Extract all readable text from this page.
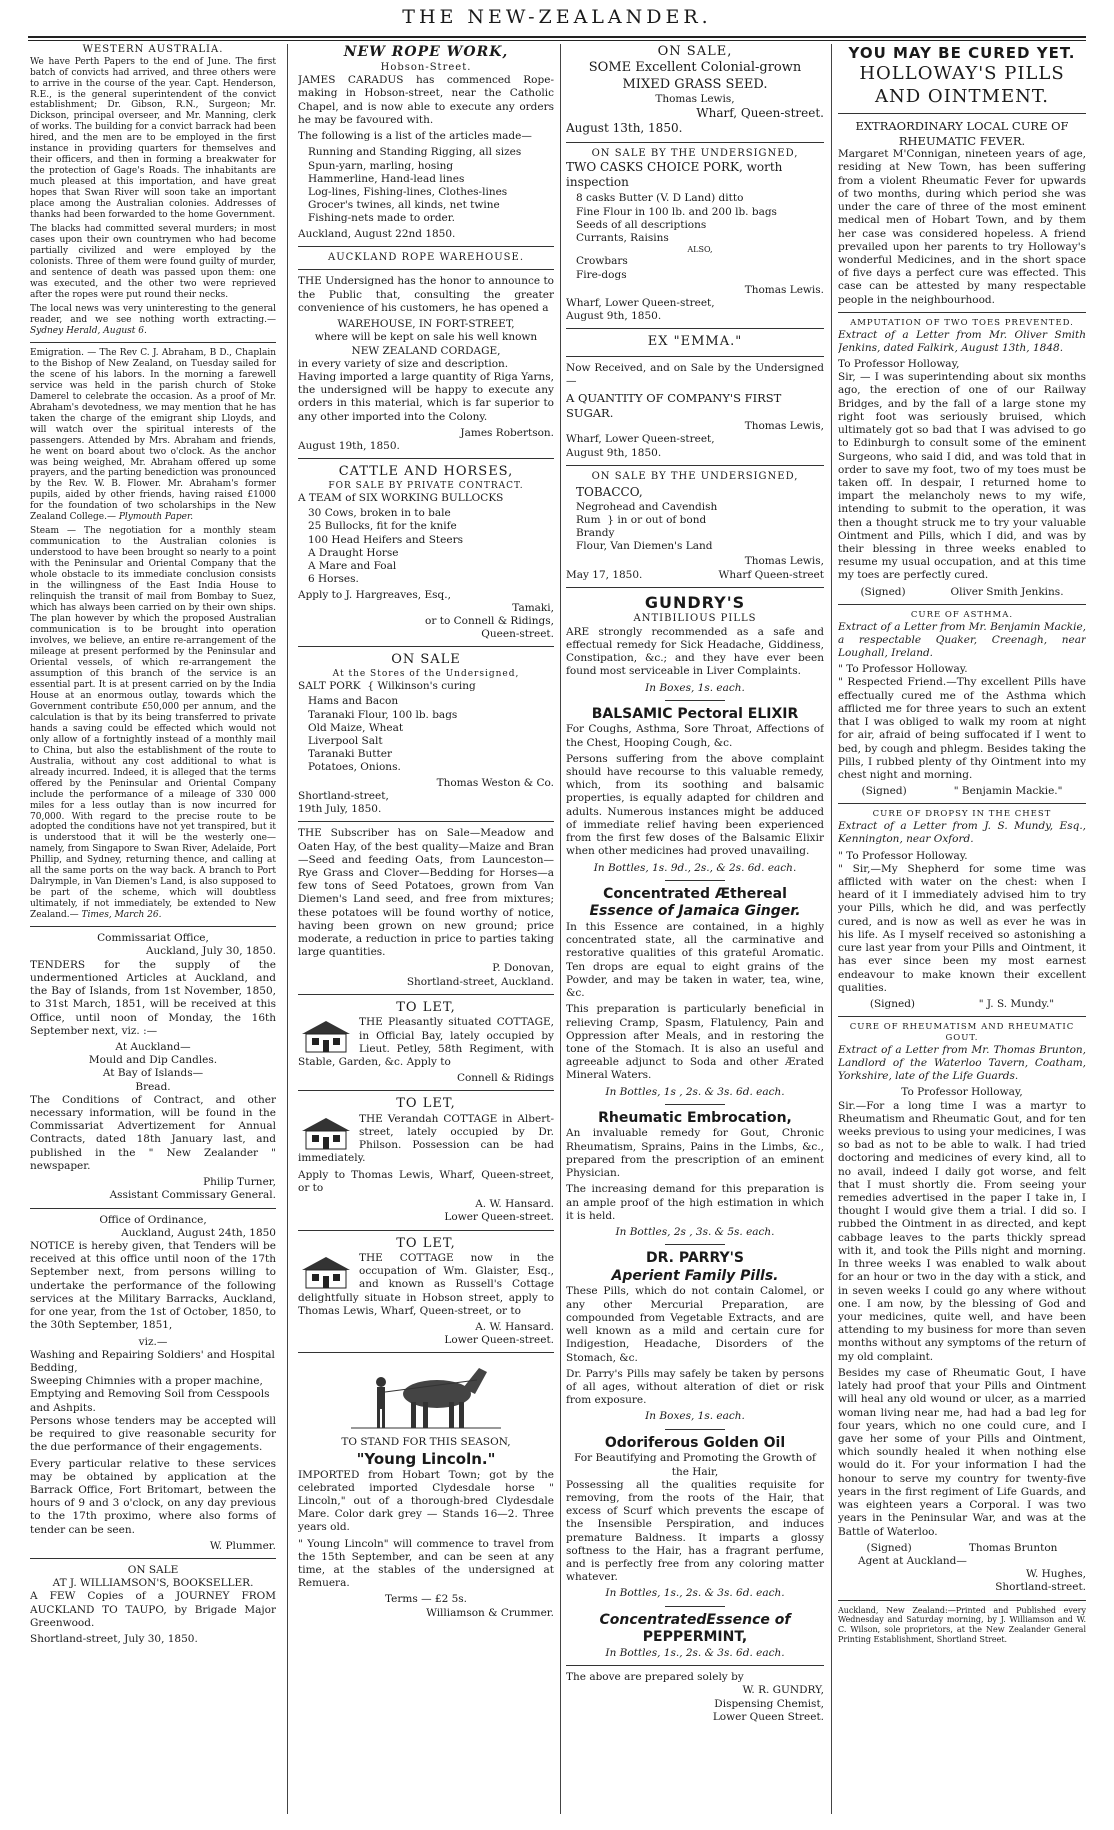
THE NEW-ZEALANDER.
WESTERN AUSTRALIA.

We have Perth Papers to the end of June. The first batch of convicts had arrived, and three others were to arrive in the course of the year. Capt. Henderson, R.E., is the general superintendent of the convict establishment; Dr. Gibson, R.N., Surgeon; Mr. Dickson, principal overseer, and Mr. Manning, clerk of works. The building for a convict barrack had been hired, and the men are to be employed in the first instance in providing quarters for themselves and their officers, and then in forming a breakwater for the protection of Gage's Roads. The inhabitants are much pleased at this importation, and have great hopes that Swan River will soon take an important place among the Australian colonies. Addresses of thanks had been forwarded to the home Government.

The blacks had committed several murders; in most cases upon their own countrymen who had become partially civilized and were employed by the colonists. Three of them were found guilty of murder, and sentence of death was passed upon them: one was executed, and the other two were reprieved after the ropes were put round their necks.

The local news was very uninteresting to the general reader, and we see nothing worth extracting.— Sydney Herald, August 6.

Emigration. — The Rev C. J. Abraham, B D., Chaplain to the Bishop of New Zealand, on Tuesday sailed for the scene of his labors. In the morning a farewell service was held in the parish church of Stoke Damerel to celebrate the occasion. As a proof of Mr. Abraham's devotedness, we may mention that he has taken the charge of the emigrant ship Lloyds, and will watch over the spiritual interests of the passengers. Attended by Mrs. Abraham and friends, he went on board about two o'clock. As the anchor was being weighed, Mr. Abraham offered up some prayers, and the parting benediction was pronounced by the Rev. W. B. Flower. Mr. Abraham's former pupils, aided by other friends, having raised £1000 for the foundation of two scholarships in the New Zealand College.— Plymouth Paper.

Steam — The negotiation for a monthly steam communication to the Australian colonies is understood to have been brought so nearly to a point with the Peninsular and Oriental Company that the whole obstacle to its immediate conclusion consists in the willingness of the East India House to relinquish the transit of mail from Bombay to Suez, which has always been carried on by their own ships. The plan however by which the proposed Australian communication is to be brought into operation involves, we believe, an entire re-arrangement of the mileage at present performed by the Peninsular and Oriental vessels, of which re-arrangement the assumption of this branch of the service is an essential part. It is at present carried on by the India House at an enormous outlay, towards which the Government contribute £50,000 per annum, and the calculation is that by its being transferred to private hands a saving could be effected which would not only allow of a fortnightly instead of a monthly mail to China, but also the establishment of the route to Australia, without any cost additional to what is already incurred. Indeed, it is alleged that the terms offered by the Peninsular and Oriental Company include the performance of a mileage of 330 000 miles for a less outlay than is now incurred for 70,000. With regard to the precise route to be adopted the conditions have not yet transpired, but it is understood that it will be the westerly one—namely, from Singapore to Swan River, Adelaide, Port Phillip, and Sydney, returning thence, and calling at all the same ports on the way back. A branch to Port Dalrymple, in Van Diemen's Land, is also supposed to be part of the scheme, which will doubtless ultimately, if not immediately, be extended to New Zealand.— Times, March 26.

Commissariat Office,
Auckland, July 30, 1850.

TENDERS for the supply of the undermentioned Articles at Auckland, and the Bay of Islands, from 1st November, 1850, to 31st March, 1851, will be received at this Office, until noon of Monday, the 16th September next, viz. :—

At Auckland—
Mould and Dip Candles.
At Bay of Islands—
Bread.

The Conditions of Contract, and other necessary information, will be found in the Commissariat Advertizement for Annual Contracts, dated 18th January last, and published in the " New Zealander " newspaper.

Philip Turner,
Assistant Commissary General.
Office of Ordinance,
Auckland, August 24th, 1850

NOTICE is hereby given, that Tenders will be received at this office until noon of the 17th September next, from persons willing to undertake the performance of the following services at the Military Barracks, Auckland, for one year, from the 1st of October, 1850, to the 30th September, 1851,

viz.—
Washing and Repairing Soldiers' and Hospital Bedding,
Sweeping Chimnies with a proper machine,
Emptying and Removing Soil from Cesspools and Ashpits.

Persons whose tenders may be accepted will be required to give reasonable security for the due performance of their engagements.

Every particular relative to these services may be obtained by application at the Barrack Office, Fort Britomart, between the hours of 9 and 3 o'clock, on any day previous to the 17th proximo, where also forms of tender can be seen.

W. Plummer.
ON SALE
AT J. WILLIAMSON'S, BOOKSELLER.

A FEW Copies of a JOURNEY FROM AUCKLAND TO TAUPO, by Brigade Major Greenwood.

Shortland-street, July 30, 1850.
NEW ROPE WORK,
Hobson-Street.

JAMES CARADUS has commenced Rope-making in Hobson-street, near the Catholic Chapel, and is now able to execute any orders he may be favoured with.

The following is a list of the articles made—

Running and Standing Rigging, all sizes
Spun-yarn, marling, hosing
Hammerline, Hand-lead lines
Log-lines, Fishing-lines, Clothes-lines
Grocer's twines, all kinds, net twine
Fishing-nets made to order.
Auckland, August 22nd 1850.
AUCKLAND ROPE WAREHOUSE.

THE Undersigned has the honor to announce to the Public that, consulting the greater convenience of his customers, he has opened a

WAREHOUSE, IN FORT-STREET,
where will be kept on sale his well known
NEW ZEALAND CORDAGE,
in every variety of size and description.

Having imported a large quantity of Riga Yarns, the undersigned will be happy to execute any orders in this material, which is far superior to any other imported into the Colony.

James Robertson.
August 19th, 1850.
CATTLE AND HORSES,
FOR SALE BY PRIVATE CONTRACT.
A TEAM of SIX WORKING BULLOCKS
30 Cows, broken in to bale
25 Bullocks, fit for the knife
100 Head Heifers and Steers
A Draught Horse
A Mare and Foal
6 Horses.
Apply to J. Hargreaves, Esq.,
Tamaki,
or to Connell & Ridings,
Queen-street.
ON SALE
At the Stores of the Undersigned,
SALT PORK  { Wilkinson's curing
Hams and Bacon
Taranaki Flour, 100 lb. bags
Old Maize, Wheat
Liverpool Salt
Taranaki Butter
Potatoes, Onions.
Thomas Weston & Co.
Shortland-street,
19th July, 1850.

THE Subscriber has on Sale—Meadow and Oaten Hay, of the best quality—Maize and Bran—Seed and feeding Oats, from Launceston—Rye Grass and Clover—Bedding for Horses—a few tons of Seed Potatoes, grown from Van Diemen's Land seed, and free from mixtures; these potatoes will be found worthy of notice, having been grown on new ground; price moderate, a reduction in price to parties taking large quantities.

P. Donovan,
Shortland-street, Auckland.
TO LET,

THE Pleasantly situated COTTAGE, in Official Bay, lately occupied by Lieut. Petley, 58th Regiment, with Stable, Garden, &c. Apply to

Connell & Ridings
TO LET,

THE Verandah COTTAGE in Albert-street, lately occupied by Dr. Philson. Possession can be had immediately.

Apply to Thomas Lewis, Wharf, Queen-street, or to

A. W. Hansard.
Lower Queen-street.
TO LET,

THE COTTAGE now in the occupation of Wm. Glaister, Esq., and known as Russell's Cottage delightfully situate in Hobson street, apply to Thomas Lewis, Wharf, Queen-street, or to

A. W. Hansard.
Lower Queen-street.
TO STAND FOR THIS SEASON,
"Young Lincoln."

IMPORTED from Hobart Town; got by the celebrated imported Clydesdale horse " Lincoln," out of a thorough-bred Clydesdale Mare. Color dark grey — Stands 16—2. Three years old.

" Young Lincoln" will commence to travel from the 15th September, and can be seen at any time, at the stables of the undersigned at Remuera.

Terms — £2 5s.
Williamson & Crummer.
ON SALE,
SOME Excellent Colonial-grown MIXED GRASS SEED.
Thomas Lewis,
Wharf, Queen-street.
August 13th, 1850.
ON SALE BY THE UNDERSIGNED,
TWO CASKS CHOICE PORK, worth inspection
8 casks Butter (V. D Land) ditto
Fine Flour in 100 lb. and 200 lb. bags
Seeds of all descriptions
Currants, Raisins
ALSO,
Crowbars
Fire-dogs
Thomas Lewis.
Wharf, Lower Queen-street,
August 9th, 1850.
EX "EMMA."

Now Received, and on Sale by the Undersigned—

A QUANTITY OF COMPANY'S FIRST SUGAR.
Thomas Lewis,
Wharf, Lower Queen-street,
August 9th, 1850.
ON SALE BY THE UNDERSIGNED,
TOBACCO,
Negrohead and Cavendish
Rum  } in or out of bond
Brandy
Flour, Van Diemen's Land
Thomas Lewis,
May 17, 1850.	Wharf Queen-street
GUNDRY'S
ANTIBILIOUS PILLS

ARE strongly recommended as a safe and effectual remedy for Sick Headache, Giddiness, Constipation, &c.; and they have ever been found most serviceable in Liver Complaints.

In Boxes, 1s. each.
BALSAMIC Pectoral ELIXIR

For Coughs, Asthma, Sore Throat, Affections of the Chest, Hooping Cough, &c.

Persons suffering from the above complaint should have recourse to this valuable remedy, which, from its soothing and balsamic properties, is equally adapted for children and adults. Numerous instances might be adduced of immediate relief having been experienced from the first few doses of the Balsamic Elixir when other medicines had proved unavailing.

In Bottles, 1s. 9d., 2s., & 2s. 6d. each.
Concentrated Æthereal
Essence of Jamaica Ginger.

In this Essence are contained, in a highly concentrated state, all the carminative and restorative qualities of this grateful Aromatic. Ten drops are equal to eight grains of the Powder, and may be taken in water, tea, wine, &c.

This preparation is particularly beneficial in relieving Cramp, Spasm, Flatulency, Pain and Oppression after Meals, and in restoring the tone of the Stomach. It is also an useful and agreeable adjunct to Soda and other Ærated Mineral Waters.

In Bottles, 1s , 2s. & 3s. 6d. each.
Rheumatic Embrocation,

An invaluable remedy for Gout, Chronic Rheumatism, Sprains, Pains in the Limbs, &c., prepared from the prescription of an eminent Physician.

The increasing demand for this preparation is an ample proof of the high estimation in which it is held.

In Bottles, 2s , 3s. & 5s. each.
DR. PARRY'S
Aperient Family Pills.

These Pills, which do not contain Calomel, or any other Mercurial Preparation, are compounded from Vegetable Extracts, and are well known as a mild and certain cure for Indigestion, Headache, Disorders of the Stomach, &c.

Dr. Parry's Pills may safely be taken by persons of all ages, without alteration of diet or risk from exposure.

In Boxes, 1s. each.
Odoriferous Golden Oil
For Beautifying and Promoting the Growth of the Hair,

Possessing all the qualities requisite for removing, from the roots of the Hair, that excess of Scurf which prevents the escape of the Insensible Perspiration, and induces premature Baldness. It imparts a glossy softness to the Hair, has a fragrant perfume, and is perfectly free from any coloring matter whatever.

In Bottles, 1s., 2s. & 3s. 6d. each.
ConcentratedEssence of
PEPPERMINT,
In Bottles, 1s., 2s. & 3s. 6d. each.
The above are prepared solely by
W. R. GUNDRY,
Dispensing Chemist,
Lower Queen Street.
YOU MAY BE CURED YET.
HOLLOWAY'S PILLS AND OINTMENT.
EXTRAORDINARY LOCAL CURE OF RHEUMATIC FEVER.

Margaret M'Connigan, nineteen years of age, residing at New Town, has been suffering from a violent Rheumatic Fever for upwards of two months, during which period she was under the care of three of the most eminent medical men of Hobart Town, and by them her case was considered hopeless. A friend prevailed upon her parents to try Holloway's wonderful Medicines, and in the short space of five days a perfect cure was effected. This case can be attested by many respectable people in the neighbourhood.

AMPUTATION OF TWO TOES PREVENTED.

Extract of a Letter from Mr. Oliver Smith Jenkins, dated Falkirk, August 13th, 1848.

To Professor Holloway,

Sir, — I was superintending about six months ago, the erection of one of our Railway Bridges, and by the fall of a large stone my right foot was seriously bruised, which ultimately got so bad that I was advised to go to Edinburgh to consult some of the eminent Surgeons, who said I did, and was told that in order to save my foot, two of my toes must be taken off. In despair, I returned home to impart the melancholy news to my wife, intending to submit to the operation, it was then a thought struck me to try your valuable Ointment and Pills, which I did, and was by their blessing in three weeks enabled to resume my usual occupation, and at this time my toes are perfectly cured.

(Signed)	Oliver Smith Jenkins.
CURE OF ASTHMA.

Extract of a Letter from Mr. Benjamin Mackie, a respectable Quaker, Creenagh, near Loughall, Ireland.

" To Professor Holloway.

" Respected Friend.—Thy excellent Pills have effectually cured me of the Asthma which afflicted me for three years to such an extent that I was obliged to walk my room at night for air, afraid of being suffocated if I went to bed, by cough and phlegm. Besides taking the Pills, I rubbed plenty of thy Ointment into my chest night and morning.

(Signed)	" Benjamin Mackie."
CURE OF DROPSY IN THE CHEST

Extract of a Letter from J. S. Mundy, Esq., Kennington, near Oxford.

" To Professor Holloway.

" Sir,—My Shepherd for some time was afflicted with water on the chest: when I heard of it I immediately advised him to try your Pills, which he did, and was perfectly cured, and is now as well as ever he was in his life. As I myself received so astonishing a cure last year from your Pills and Ointment, it has ever since been my most earnest endeavour to make known their excellent qualities.

(Signed)	" J. S. Mundy."
CURE OF RHEUMATISM AND RHEUMATIC GOUT.

Extract of a Letter from Mr. Thomas Brunton, Landlord of the Waterloo Tavern, Coatham, Yorkshire, late of the Life Guards.

To Professor Holloway,

Sir.—For a long time I was a martyr to Rheumatism and Rheumatic Gout, and for ten weeks previous to using your medicines, I was so bad as not to be able to walk. I had tried doctoring and medicines of every kind, all to no avail, indeed I daily got worse, and felt that I must shortly die. From seeing your remedies advertised in the paper I take in, I thought I would give them a trial. I did so. I rubbed the Ointment in as directed, and kept cabbage leaves to the parts thickly spread with it, and took the Pills night and morning. In three weeks I was enabled to walk about for an hour or two in the day with a stick, and in seven weeks I could go any where without one. I am now, by the blessing of God and your medicines, quite well, and have been attending to my business for more than seven months without any symptoms of the return of my old complaint.

Besides my case of Rheumatic Gout, I have lately had proof that your Pills and Ointment will heal any old wound or ulcer, as a married woman living near me, had had a bad leg for four years, which no one could cure, and I gave her some of your Pills and Ointment, which soundly healed it when nothing else would do it. For your information I had the honour to serve my country for twenty-five years in the first regiment of Life Guards, and was eighteen years a Corporal. I was two years in the Peninsular War, and was at the Battle of Waterloo.

(Signed)	Thomas Brunton
Agent at Auckland—
W. Hughes,
Shortland-street.

Auckland, New Zealand:—Printed and Published every Wednesday and Saturday morning, by J. Williamson and W. C. Wilson, sole proprietors, at the New Zealander General Printing Establishment, Shortland Street.
